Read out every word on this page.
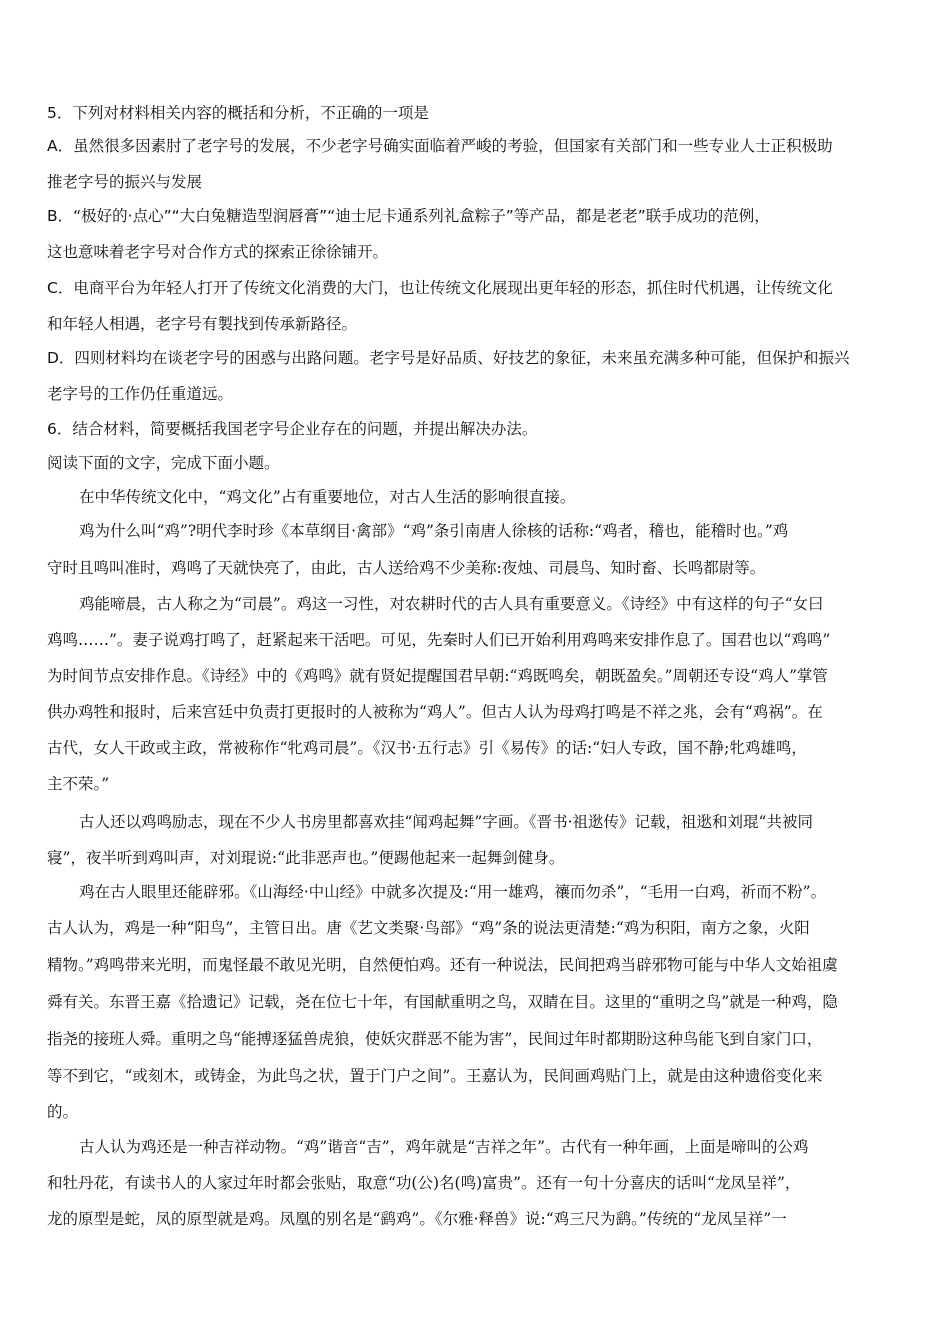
5．下列对材料相关内容的概括和分析，不正确的一项是
A．虽然很多因素肘了老字号的发展，不少老字号确实面临着严峻的考验，但国家有关部门和一些专业人士正积极助
推老字号的振兴与发展
B．“极好的·点心”“大白兔糖造型润唇膏”“迪士尼卡通系列礼盒粽子”等产品，都是老老”联手成功的范例，
这也意味着老字号对合作方式的探索正徐徐铺开。
C．电商平台为年轻人打开了传统文化消费的大门，也让传统文化展现出更年轻的形态，抓住时代机遇，让传统文化
和年轻人相遇，老字号有製找到传承新路径。
D．四则材料均在谈老字号的困惑与出路问题。老字号是好品质、好技艺的象征，未来虽充满多种可能，但保护和振兴
老字号的工作仍任重道远。
6．结合材料，简要概括我国老字号企业存在的问题，并提出解决办法。
阅读下面的文字，完成下面小题。
在中华传统文化中，“鸡文化”占有重要地位，对古人生活的影响很直接。
鸡为什么叫“鸡”?明代李时珍《本草纲目·禽部》“鸡”条引南唐人徐核的话称:“鸡者，稽也，能稽时也。”鸡
守时且鸣叫准时，鸡鸣了天就快亮了，由此，古人送给鸡不少美称:夜烛、司晨鸟、知时畜、长鸣都尉等。
鸡能啼晨，古人称之为“司晨”。鸡这一习性，对农耕时代的古人具有重要意义。《诗经》中有这样的句子“女曰
鸡鸣……”。妻子说鸡打鸣了，赶紧起来干活吧。可见，先秦时人们已开始利用鸡鸣来安排作息了。国君也以“鸡鸣”
为时间节点安排作息。《诗经》中的《鸡鸣》就有贤妃提醒国君早朝:“鸡既鸣矣，朝既盈矣。”周朝还专设“鸡人”掌管
供办鸡牲和报时，后来宫廷中负责打更报时的人被称为“鸡人”。但古人认为母鸡打鸣是不祥之兆，会有“鸡祸”。在
古代，女人干政或主政，常被称作“牝鸡司晨”。《汉书·五行志》引《易传》的话:“妇人专政，国不静;牝鸡雄鸣，
主不荣。”
古人还以鸡鸣励志，现在不少人书房里都喜欢挂“闻鸡起舞”字画。《晋书·祖逖传》记载，祖逖和刘琨“共被同
寝”，夜半听到鸡叫声，对刘琨说:“此非恶声也。”便踢他起来一起舞剑健身。
鸡在古人眼里还能辟邪。《山海经·中山经》中就多次提及:“用一雄鸡，禳而勿杀”，“毛用一白鸡，祈而不粉”。
古人认为，鸡是一种“阳鸟”，主管日出。唐《艺文类聚·鸟部》“鸡”条的说法更清楚:“鸡为积阳，南方之象，火阳
精物。”鸡鸣带来光明，而鬼怪最不敢见光明，自然便怕鸡。还有一种说法，民间把鸡当辟邪物可能与中华人文始祖虞
舜有关。东晋王嘉《拾遗记》记载，尧在位七十年，有国献重明之鸟，双睛在目。这里的“重明之鸟”就是一种鸡，隐
指尧的接班人舜。重明之鸟“能搏逐猛兽虎狼，使妖灾群恶不能为害”，民间过年时都期盼这种鸟能飞到自家门口，
等不到它，“或刻木，或铸金，为此鸟之状，置于门户之间”。王嘉认为，民间画鸡贴门上，就是由这种遗俗变化来
的。
古人认为鸡还是一种吉祥动物。“鸡”谐音“吉”，鸡年就是“吉祥之年”。古代有一种年画，上面是啼叫的公鸡
和牡丹花，有读书人的人家过年时都会张贴，取意“功(公)名(鸣)富贵”。还有一句十分喜庆的话叫“龙凤呈祥”，
龙的原型是蛇，凤的原型就是鸡。凤凰的别名是“鹞鸡”。《尔雅·释兽》说:“鸡三尺为鹞。”传统的“龙凤呈祥”一
